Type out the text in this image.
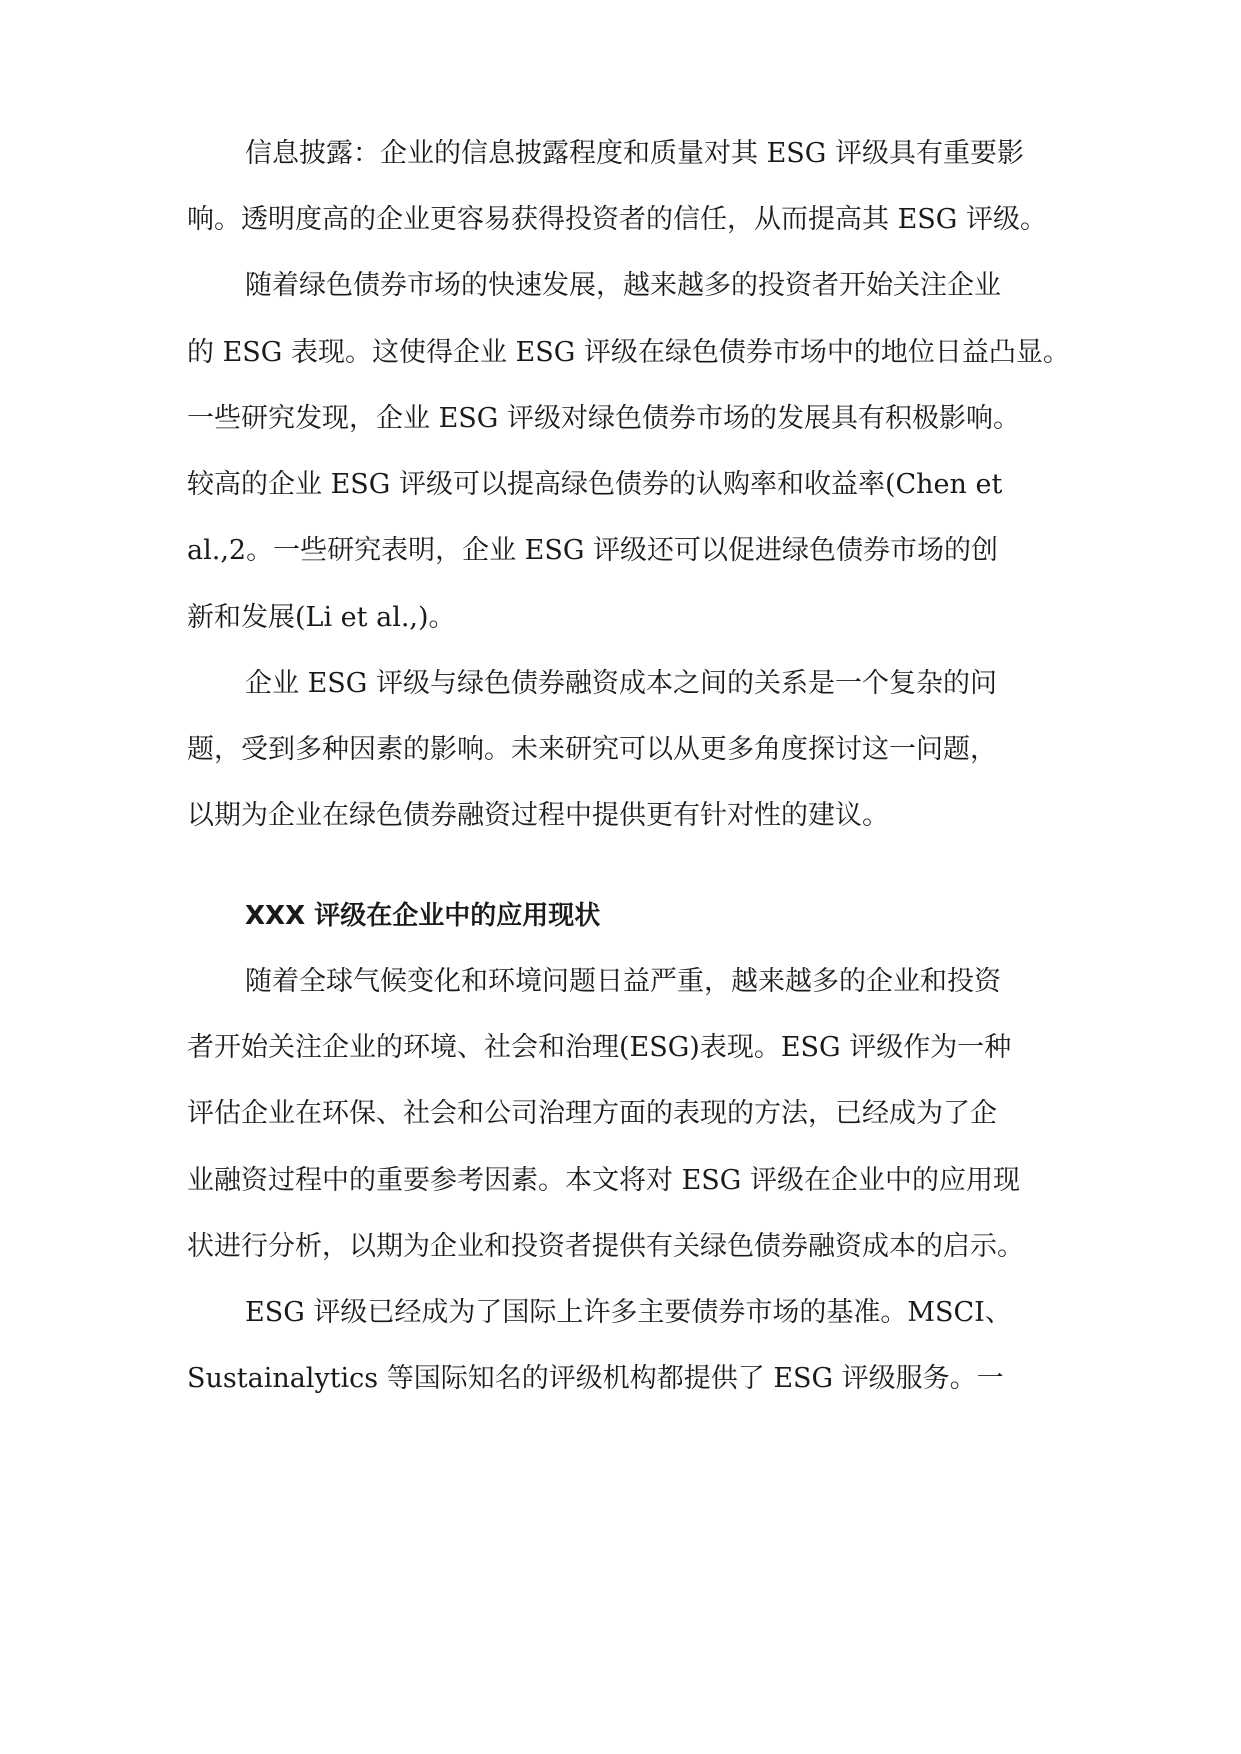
信息披露：企业的信息披露程度和质量对其 ESG 评级具有重要影
响。透明度高的企业更容易获得投资者的信任，从而提高其 ESG 评级。
随着绿色债券市场的快速发展，越来越多的投资者开始关注企业
的 ESG 表现。这使得企业 ESG 评级在绿色债券市场中的地位日益凸显。
一些研究发现，企业 ESG 评级对绿色债券市场的发展具有积极影响。
较高的企业 ESG 评级可以提高绿色债券的认购率和收益率(Chen et
al.,2。一些研究表明，企业 ESG 评级还可以促进绿色债券市场的创
新和发展(Li et al.,)。
企业 ESG 评级与绿色债券融资成本之间的关系是一个复杂的问
题，受到多种因素的影响。未来研究可以从更多角度探讨这一问题，
以期为企业在绿色债券融资过程中提供更有针对性的建议。
XXX 评级在企业中的应用现状
随着全球气候变化和环境问题日益严重，越来越多的企业和投资
者开始关注企业的环境、社会和治理(ESG)表现。ESG 评级作为一种
评估企业在环保、社会和公司治理方面的表现的方法，已经成为了企
业融资过程中的重要参考因素。本文将对 ESG 评级在企业中的应用现
状进行分析，以期为企业和投资者提供有关绿色债券融资成本的启示。
ESG 评级已经成为了国际上许多主要债券市场的基准。MSCI、
Sustainalytics 等国际知名的评级机构都提供了 ESG 评级服务。一
